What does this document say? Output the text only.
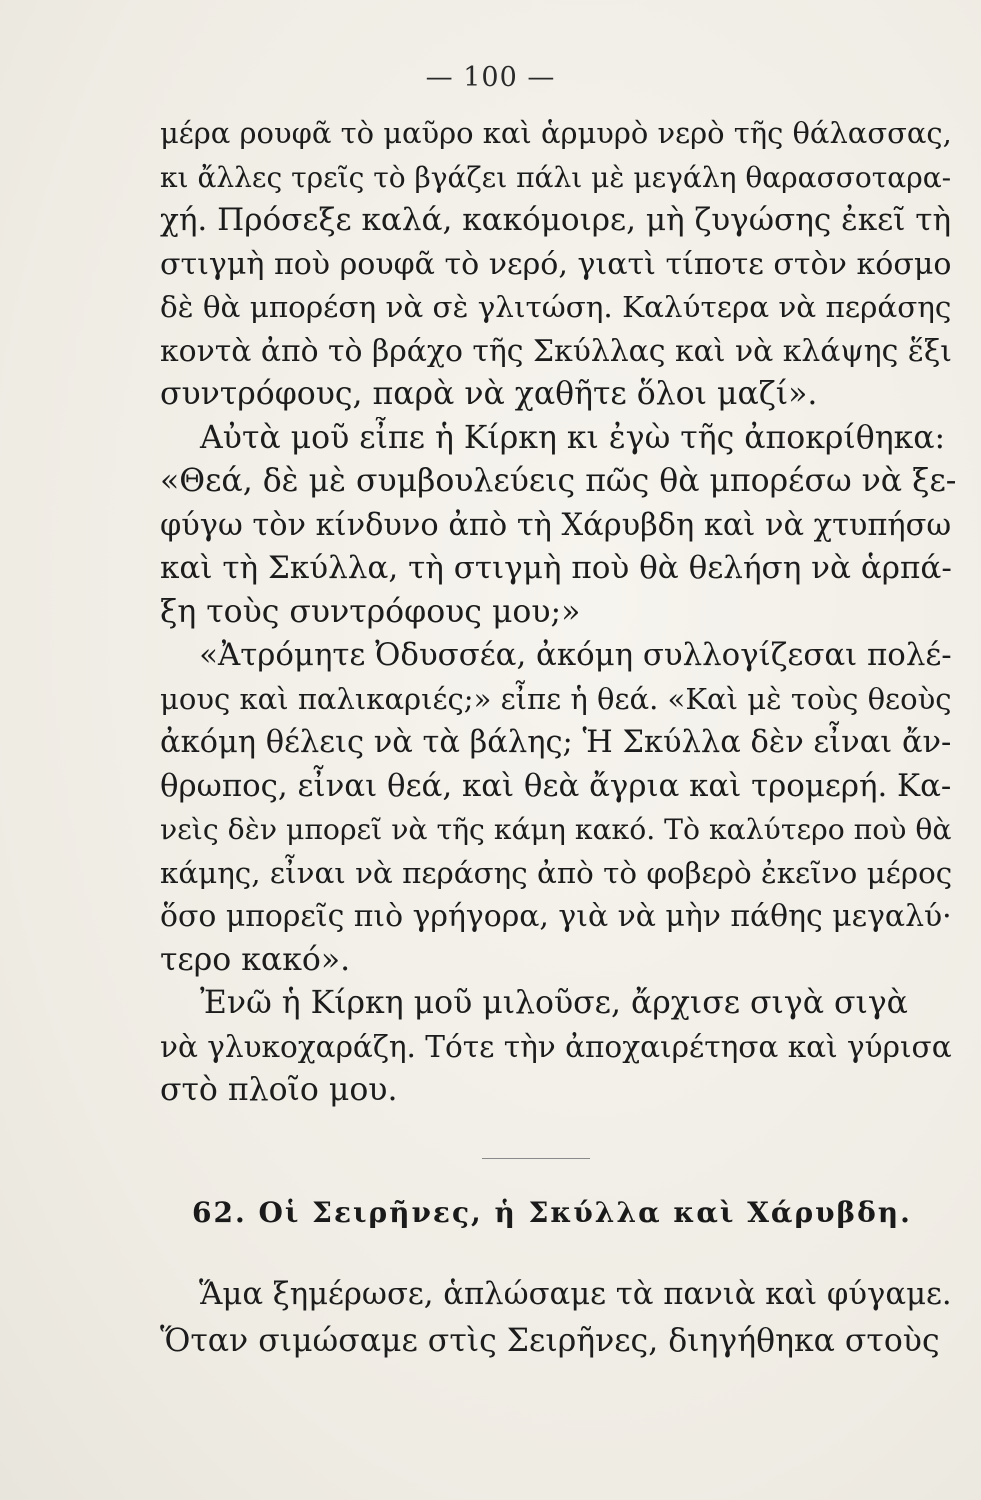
— 100 —
μέρα ρουφᾶ τὸ μαῦρο καὶ ἁρμυρὸ νερὸ τῆς θάλασσας,
κι ἄλλες τρεῖς τὸ βγάζει πάλι μὲ μεγάλη θαρασσοταρα-
χή. Πρόσεξε καλά, κακόμοιρε, μὴ ζυγώσης ἐκεῖ τὴ
στιγμὴ ποὺ ρουφᾶ τὸ νερό, γιατὶ τίποτε στὸν κόσμο
δὲ θὰ μπορέση νὰ σὲ γλιτώση. Καλύτερα νὰ περάσης
κοντὰ ἀπὸ τὸ βράχο τῆς Σκύλλας καὶ νὰ κλάψης ἕξι
συντρόφους, παρὰ νὰ χαθῆτε ὅλοι μαζί».
Αὐτὰ μοῦ εἶπε ἡ Κίρκη κι ἐγὼ τῆς ἀποκρίθηκα:
«Θεά, δὲ μὲ συμβουλεύεις πῶς θὰ μπορέσω νὰ ξε-
φύγω τὸν κίνδυνο ἀπὸ τὴ Χάρυβδη καὶ νὰ χτυπήσω
καὶ τὴ Σκύλλα, τὴ στιγμὴ ποὺ θὰ θελήση νὰ ἁρπά-
ξη τοὺς συντρόφους μου;»
«Ἀτρόμητε Ὀδυσσέα, ἀκόμη συλλογίζεσαι πολέ-
μους καὶ παλικαριές;» εἶπε ἡ θεά. «Καὶ μὲ τοὺς θεοὺς
ἀκόμη θέλεις νὰ τὰ βάλης; Ἡ Σκύλλα δὲν εἶναι ἄν-
θρωπος, εἶναι θεά, καὶ θεὰ ἄγρια καὶ τρομερή. Κα-
νεὶς δὲν μπορεῖ νὰ τῆς κάμη κακό. Τὸ καλύτερο ποὺ θὰ
κάμης, εἶναι νὰ περάσης ἀπὸ τὸ φοβερὸ ἐκεῖνο μέρος
ὅσο μπορεῖς πιὸ γρήγορα, γιὰ νὰ μὴν πάθης μεγαλύ·
τερο κακό».
Ἐνῶ ἡ Κίρκη μοῦ μιλοῦσε, ἄρχισε σιγὰ σιγὰ
νὰ γλυκοχαράζη. Τότε τὴν ἀποχαιρέτησα καὶ γύρισα
στὸ πλοῖο μου.
62. Οἱ Σειρῆνες, ἡ Σκύλλα καὶ Χάρυβδη.
Ἅμα ξημέρωσε, ἁπλώσαμε τὰ πανιὰ καὶ φύγαμε.
Ὅταν σιμώσαμε στὶς Σειρῆνες, διηγήθηκα στοὺς
